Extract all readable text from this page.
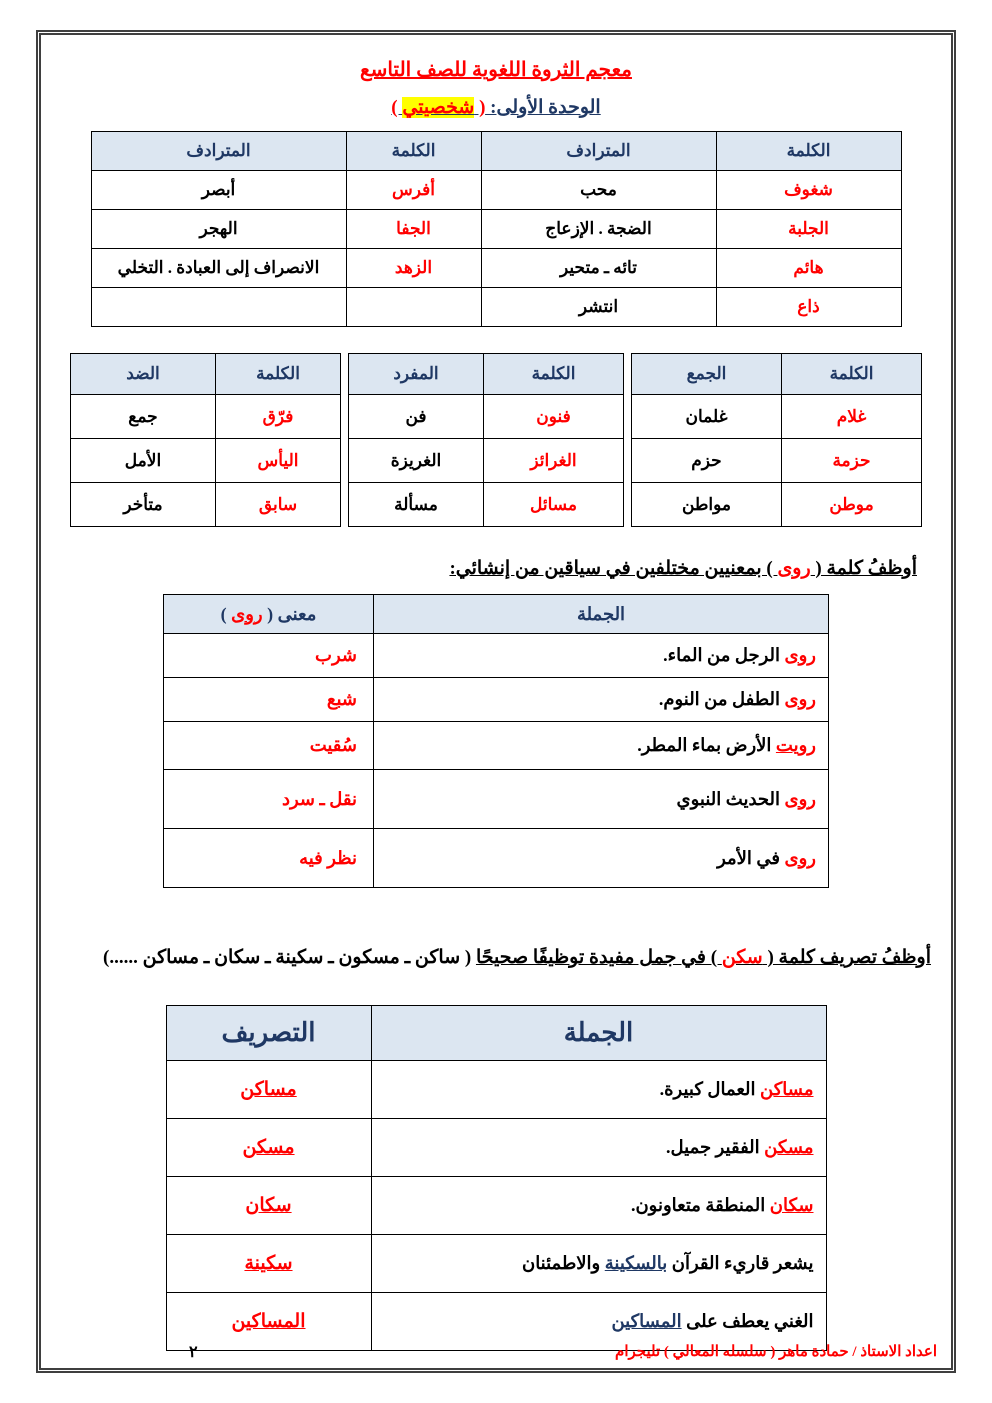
معجم الثروة اللغوية للصف التاسع
الوحدة الأولى: ( شخصيتي )
الكلمة	المترادف	الكلمة	المترادف
شغوف	محب	أفرس	أبصر
الجلبة	الضجة . الإزعاج	الجفا	الهجر
هائم	تائه ـ متحير	الزهد	الانصراف إلى العبادة . التخلي
ذاع	انتشر		
الكلمة	الجمع
غلام	غلمان
حزمة	حزم
موطن	مواطن
الكلمة	المفرد
فنون	فن
الغرائز	الغريزة
مسائل	مسألة
الكلمة	الضد
فرّق	جمع
اليأس	الأمل
سابق	متأخر
أوظفُ كلمة ( روى ) بمعنيين مختلفين في سياقين من إنشائي:
الجملة	معنى ( روى )
روى الرجل من الماء.	شرب
روى الطفل من النوم.	شبع
رويت الأرض بماء المطر.	سُقيت
روى الحديث النبوي	نقل ـ سرد
روى في الأمر	نظر فيه
أوظفُ تصريف كلمة ( سكن ) في جمل مفيدة توظيفًا صحيحًا ( ساكن ـ مسكون ـ سكينة ـ سكان ـ مساكن ......)
الجملة	التصريف
مساكن العمال كبيرة.	مساكن
مسكن الفقير جميل.	مسكن
سكان المنطقة متعاونون.	سكان
يشعر قاريء القرآن بالسكينة والاطمئنان	سكينة
الغني يعطف على المساكين	المساكين
اعداد الاستاذ / حمادة ماهر ( سلسله المعالي ) تليجرام
٢
